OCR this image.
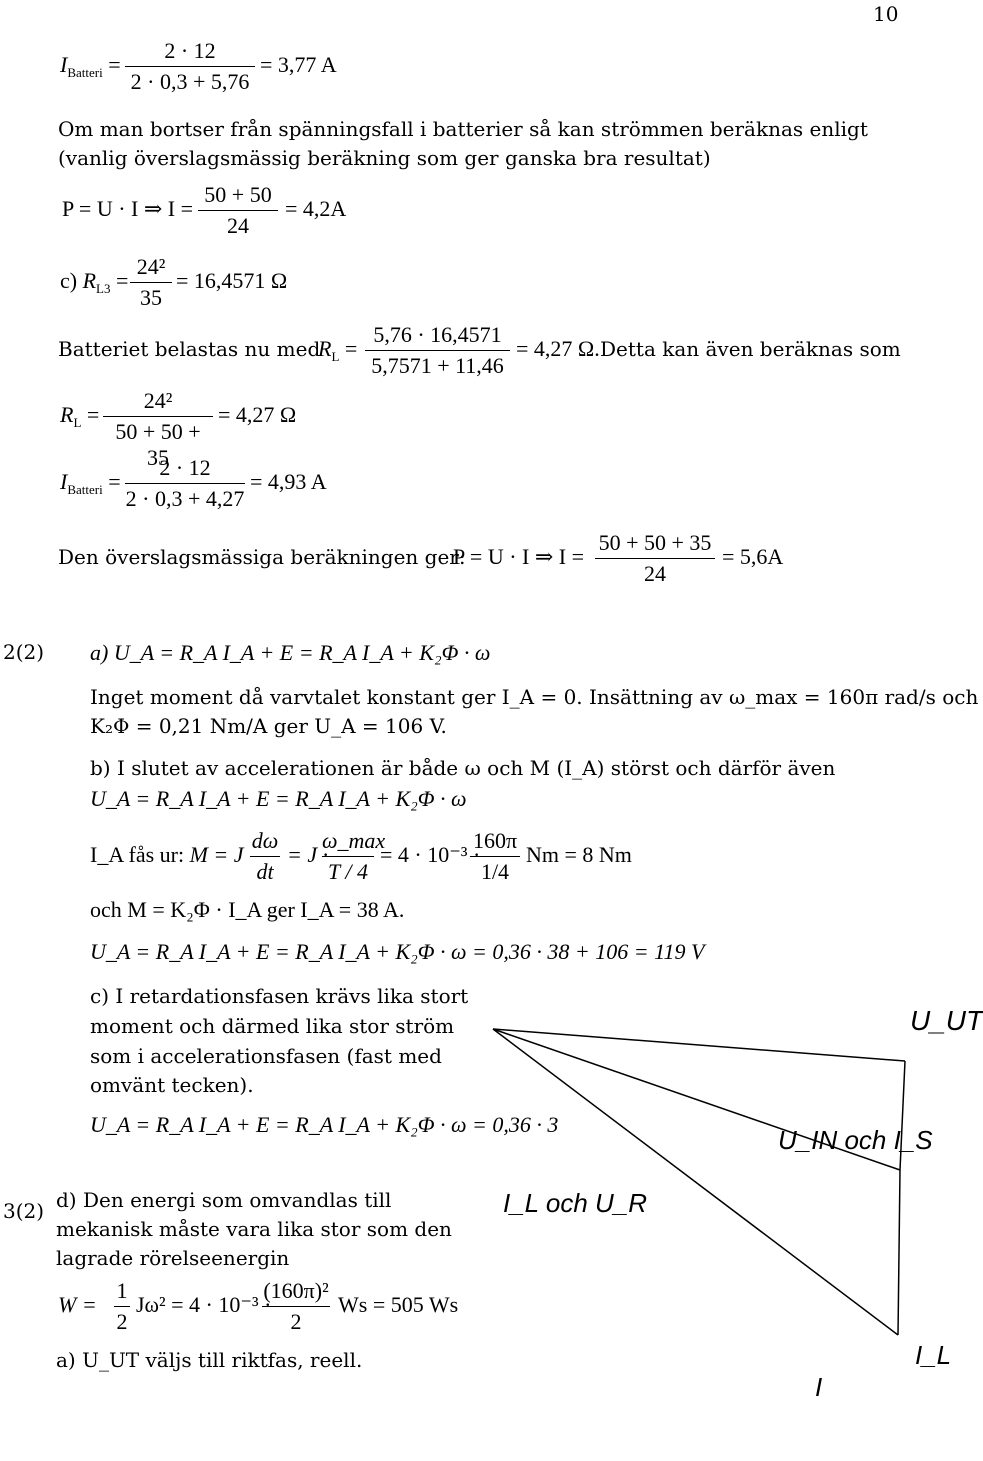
10
$I_{Batteri}$ =
2 · 12
2 · 0,3 + 5,76
= 3,77 A
Om man bortser från spänningsfall i batterier så kan strömmen beräknas enligt
(vanlig överslagsmässig beräkning som ger ganska bra resultat)
P = U · I ⇒ I =
50 + 50
24
= 4,2A
c) $R_{L3}$ =
24²
35
= 16,4571 Ω
Batteriet belastas nu med
$R_L$ =
5,76 · 16,4571
5,7571 + 11,46
= 4,27 Ω. Detta kan även beräknas som
$R_L$ =
24²
50 + 50 + 35
= 4,27 Ω
$I_{Batteri}$ =
2 · 12
2 · 0,3 + 4,27
= 4,93 A
Den överslagsmässiga beräkningen ger:
P = U · I ⇒ I =
50 + 50 + 35
24
= 5,6A
2(2) a) U_A = R_A I_A + E = R_A I_A + K₂Φ · ω
Inget moment då varvtalet konstant ger I_A = 0. Insättning av ω_max = 160π rad/s och
K₂Φ = 0,21 Nm/A ger U_A = 106 V.
b) I slutet av accelerationen är både ω och M (I_A) störst och därför även
U_A = R_A I_A + E = R_A I_A + K₂Φ · ω
I_A fås ur: M = J
dω
dt
= J ·
ω_max
T / 4
= 4 · 10⁻³ ·
160π
1/4
Nm = 8 Nm
och M = K₂Φ · I_A ger I_A = 38 A.
U_A = R_A I_A + E = R_A I_A + K₂Φ · ω = 0,36 · 38 + 106 = 119 V
c) I retardationsfasen krävs lika stort
moment och därmed lika stor ström
som i accelerationsfasen (fast med
omvänt tecken).
U_A = R_A I_A + E = R_A I_A + K₂Φ · ω = 0,36 · 3
3(2) d) Den energi som omvandlas till
mekanisk måste vara lika stor som den
lagrade rörelseenergin
W =
1
2
Jω² = 4 · 10⁻³ ·
(160π)²
2
Ws = 505 Ws
a) U_UT väljs till riktfas, reell.
U_UT
U_IN och I_S
I_L och U_R
I_L
I
